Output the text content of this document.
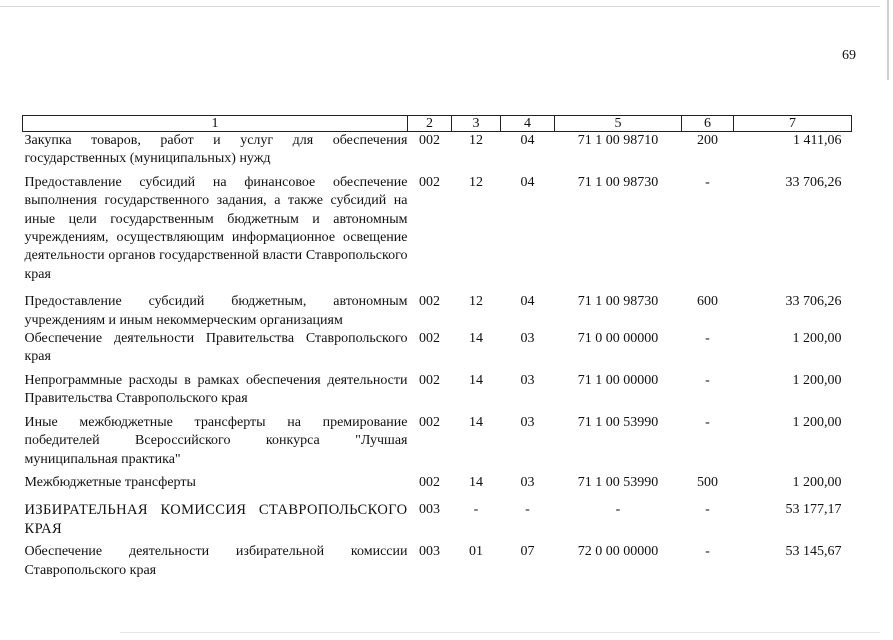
69
1	2	3	4	5	6	7
Закупка товаров, работ и услуг для обеспечения государственных (муниципальных) нужд	002	12	04	71 1 00 98710	200	1 411,06
Предоставление субсидий на финансовое обеспечение выполнения государственного задания, а также субсидий на иные цели государственным бюджетным и автономным учреждениям, осуществляющим информационное освещение деятельности органов государственной власти Ставропольского края	002	12	04	71 1 00 98730	-	33 706,26
Предоставление субсидий бюджетным, автономным учреждениям и иным некоммерческим организациям	002	12	04	71 1 00 98730	600	33 706,26
Обеспечение деятельности Правительства Ставропольского края	002	14	03	71 0 00 00000	-	1 200,00
Непрограммные расходы в рамках обеспечения деятельности Правительства Ставропольского края	002	14	03	71 1 00 00000	-	1 200,00
Иные межбюджетные трансферты на премирование победителей Всероссийского конкурса "Лучшая муниципальная практика"	002	14	03	71 1 00 53990	-	1 200,00
Межбюджетные трансферты	002	14	03	71 1 00 53990	500	1 200,00
ИЗБИРАТЕЛЬНАЯ КОМИССИЯ СТАВРОПОЛЬСКОГО КРАЯ	003	-	-	-	-	53 177,17
Обеспечение деятельности избирательной комиссии Ставропольского края	003	01	07	72 0 00 00000	-	53 145,67
